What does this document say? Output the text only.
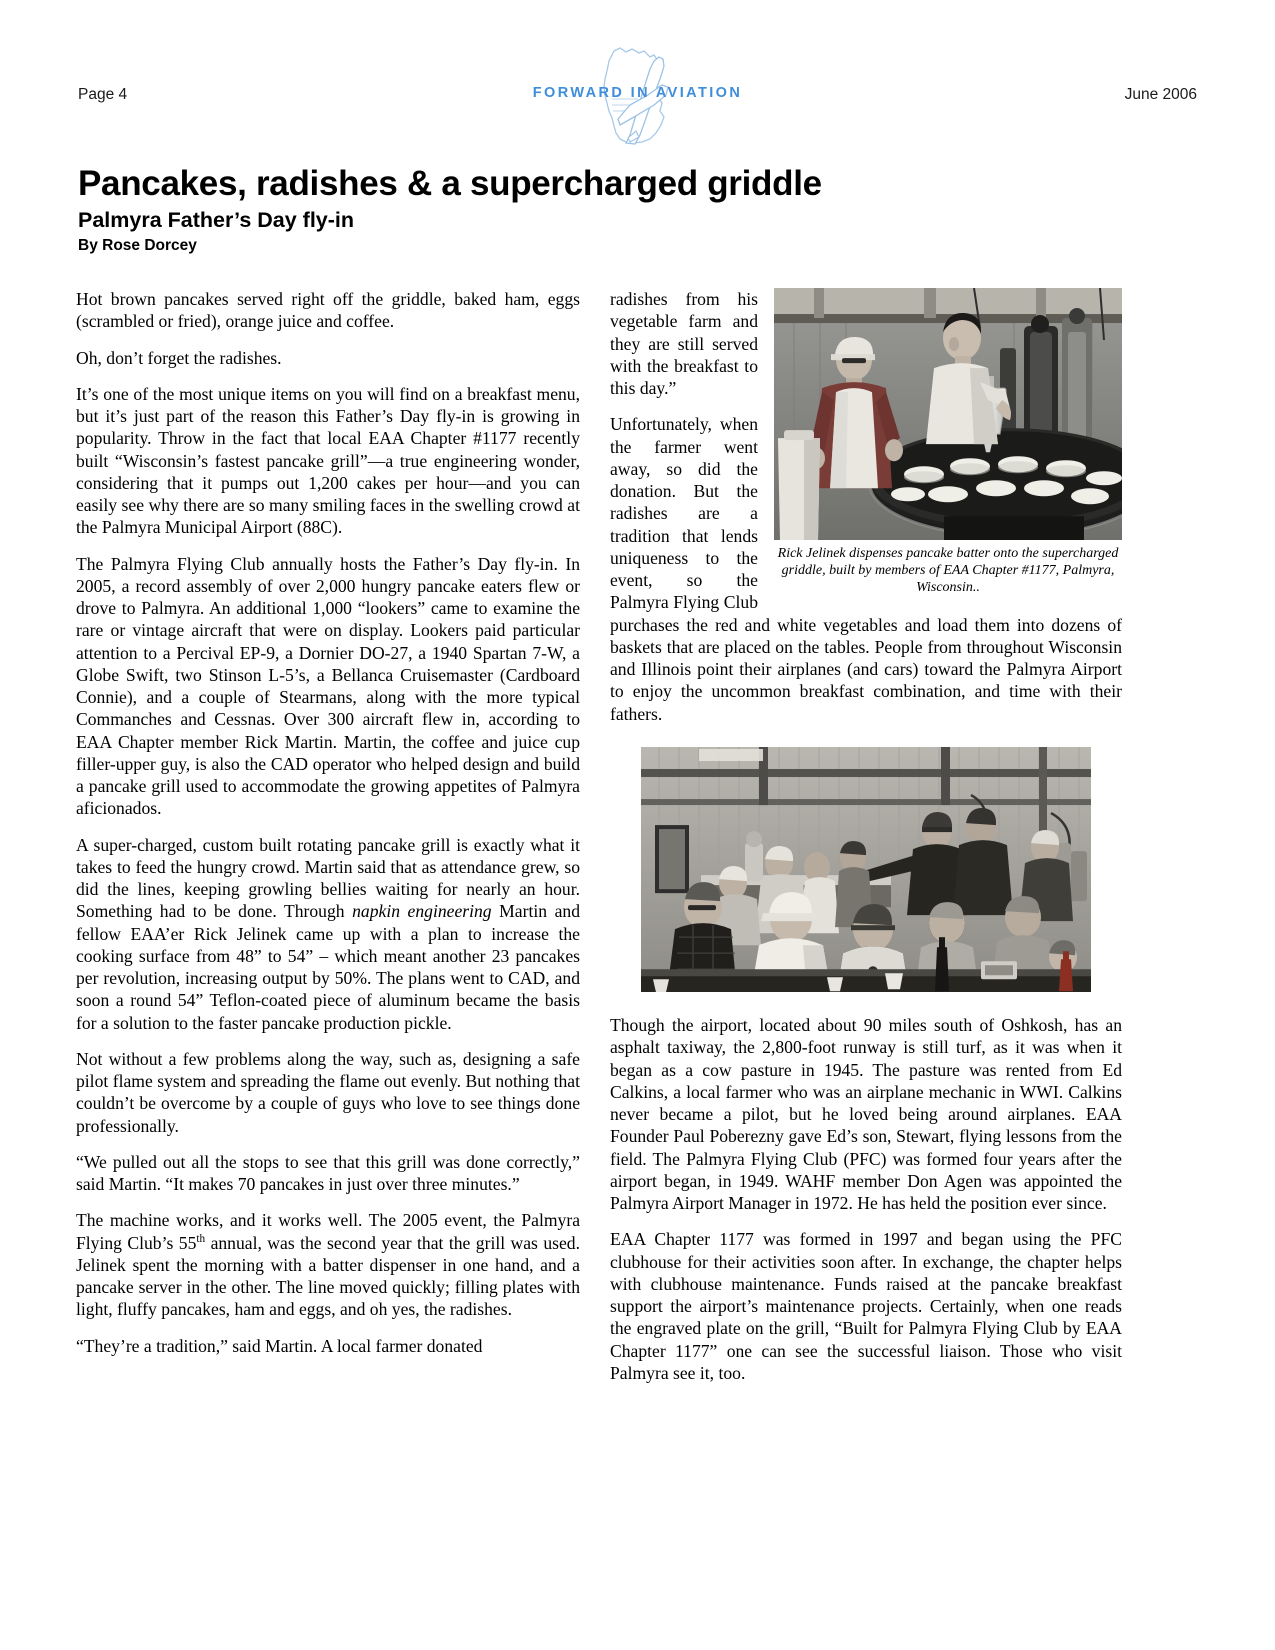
Page 4	FORWARD IN AVIATION	June 2006
Pancakes, radishes & a supercharged griddle
Palmyra Father’s Day fly-in
By Rose Dorcey

Hot brown pancakes served right off the griddle, baked ham, eggs (scrambled or fried), orange juice and coffee.

Oh, don’t forget the radishes.

It’s one of the most unique items on you will find on a breakfast menu, but it’s just part of the reason this Father’s Day fly-in is growing in popularity. Throw in the fact that local EAA Chapter #1177 recently built “Wisconsin’s fastest pancake grill”—a true engineering wonder, considering that it pumps out 1,200 cakes per hour—and you can easily see why there are so many smiling faces in the swelling crowd at the Palmyra Municipal Airport (88C).

The Palmyra Flying Club annually hosts the Father’s Day fly-in. In 2005, a record assembly of over 2,000 hungry pancake eaters flew or drove to Palmyra. An additional 1,000 “lookers” came to examine the rare or vintage aircraft that were on display. Lookers paid particular attention to a Percival EP-9, a Dornier DO-27, a 1940 Spartan 7-W, a Globe Swift, two Stinson L-5’s, a Bellanca Cruisemaster (Cardboard Connie), and a couple of Stearmans, along with the more typical Commanches and Cessnas. Over 300 aircraft flew in, according to EAA Chapter member Rick Martin. Martin, the coffee and juice cup filler-upper guy, is also the CAD operator who helped design and build a pancake grill used to accommodate the growing appetites of Palmyra aficionados.

A super-charged, custom built rotating pancake grill is exactly what it takes to feed the hungry crowd. Martin said that as attendance grew, so did the lines, keeping growling bellies waiting for nearly an hour. Something had to be done. Through napkin engineering Martin and fellow EAA’er Rick Jelinek came up with a plan to increase the cooking surface from 48” to 54” – which meant another 23 pancakes per revolution, increasing output by 50%. The plans went to CAD, and soon a round 54” Teflon-coated piece of aluminum became the basis for a solution to the faster pancake production pickle.

Not without a few problems along the way, such as, designing a safe pilot flame system and spreading the flame out evenly. But nothing that couldn’t be overcome by a couple of guys who love to see things done professionally.

“We pulled out all the stops to see that this grill was done correctly,” said Martin. “It makes 70 pancakes in just over three minutes.”

The machine works, and it works well. The 2005 event, the Palmyra Flying Club’s 55th annual, was the second year that the grill was used. Jelinek spent the morning with a batter dispenser in one hand, and a pancake server in the other. The line moved quickly; filling plates with light, fluffy pancakes, ham and eggs, and oh yes, the radishes.

“They’re a tradition,” said Martin. A local farmer donated

Rick Jelinek dispenses pancake batter onto the supercharged griddle, built by members of EAA Chapter #1177, Palmyra, Wisconsin..

radishes from his vegetable farm and they are still served with the breakfast to this day.”

Unfortunately, when the farmer went away, so did the donation. But the radishes are a tradition that lends uniqueness to the event, so the Palmyra Flying Club purchases the red and white vegetables and load them into dozens of baskets that are placed on the tables. People from throughout Wisconsin and Illinois point their airplanes (and cars) toward the Palmyra Airport to enjoy the uncommon breakfast combination, and time with their fathers.

Though the airport, located about 90 miles south of Oshkosh, has an asphalt taxiway, the 2,800-foot runway is still turf, as it was when it began as a cow pasture in 1945. The pasture was rented from Ed Calkins, a local farmer who was an airplane mechanic in WWI. Calkins never became a pilot, but he loved being around airplanes. EAA Founder Paul Poberezny gave Ed’s son, Stewart, flying lessons from the field. The Palmyra Flying Club (PFC) was formed four years after the airport began, in 1949. WAHF member Don Agen was appointed the Palmyra Airport Manager in 1972. He has held the position ever since.

EAA Chapter 1177 was formed in 1997 and began using the PFC clubhouse for their activities soon after. In exchange, the chapter helps with clubhouse maintenance. Funds raised at the pancake breakfast support the airport’s maintenance projects. Certainly, when one reads the engraved plate on the grill, “Built for Palmyra Flying Club by EAA Chapter 1177” one can see the successful liaison. Those who visit Palmyra see it, too.
